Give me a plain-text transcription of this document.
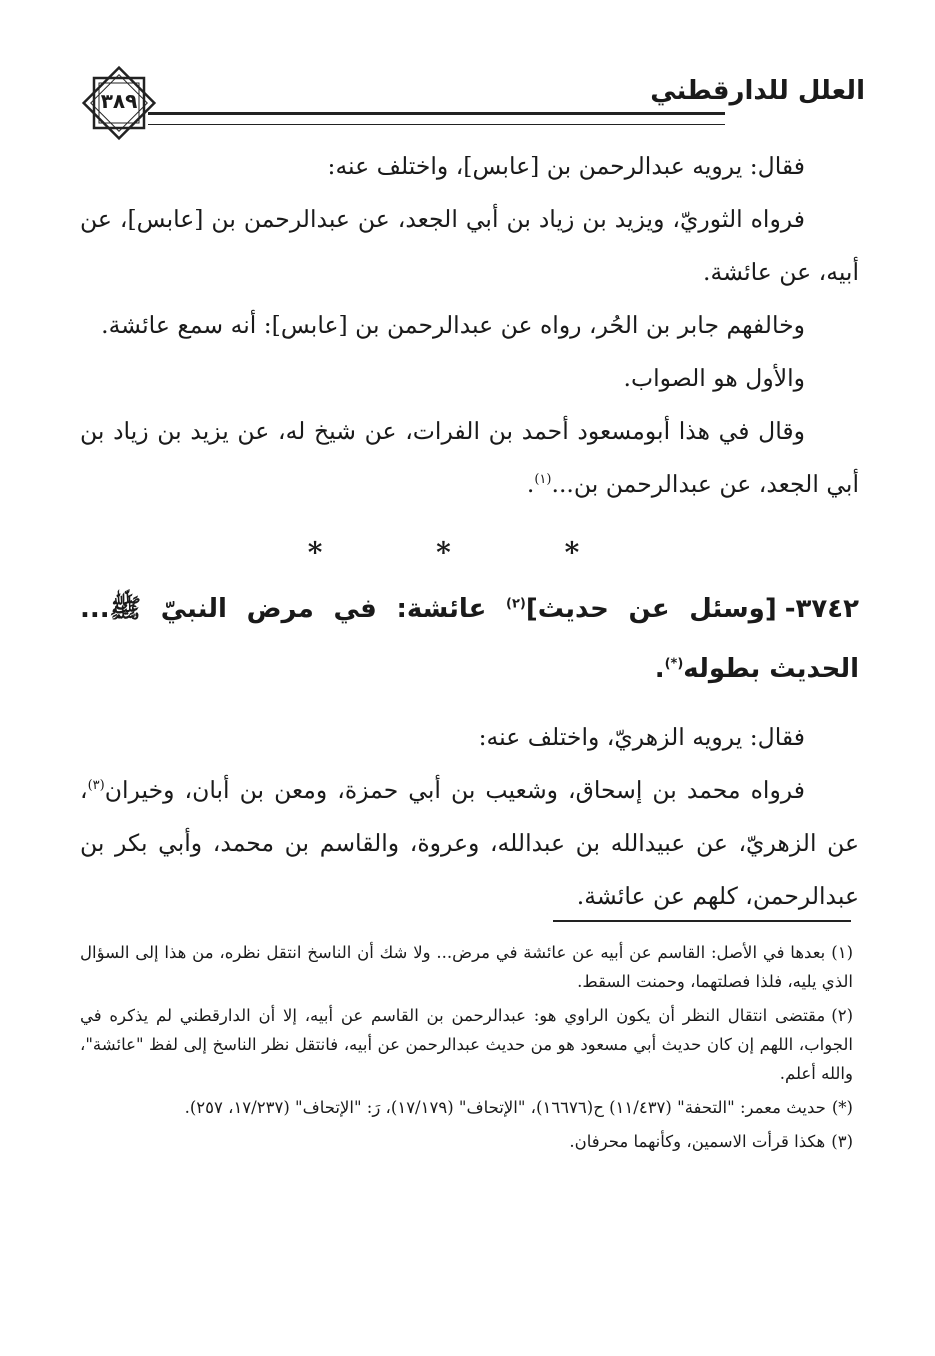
٣٨٩	العلل للدارقطني

فقال: يرويه عبدالرحمن بن [عابس]، واختلف عنه:

فرواه الثوريّ، ويزيد بن زياد بن أبي الجعد، عن عبدالرحمن بن [عابس]، عن أبيه، عن عائشة.

وخالفهم جابر بن الحُر، رواه عن عبدالرحمن بن [عابس]: أنه سمع عائشة.

والأول هو الصواب.

وقال في هذا أبومسعود أحمد بن الفرات، عن شيخ له، عن يزيد بن زياد بن أبي الجعد، عن عبدالرحمن بن...$^{(١)}$.

* * *

٣٧٤٢-[وسئل عن حديث]$^{(٢)}$ عائشة: في مرض النبيّ ﷺ... الحديث بطوله(*).

فقال: يرويه الزهريّ، واختلف عنه:

فرواه محمد بن إسحاق، وشعيب بن أبي حمزة، ومعن بن أبان، وخيران$^{(٣)}$، عن الزهريّ، عن عبيدالله بن عبدالله، وعروة، والقاسم بن محمد، وأبي بكر بن عبدالرحمن، كلهم عن عائشة.

(١)بعدها في الأصل: القاسم عن أبيه عن عائشة في مرض... ولا شك أن الناسخ انتقل نظره، من هذا إلى السؤال الذي يليه، فلذا فصلتهما، وحمنت السقط.

(٢)مقتضى انتقال النظر أن يكون الراوي هو: عبدالرحمن بن القاسم عن أبيه، إلا أن الدارقطني لم يذكره في الجواب، اللهم إن كان حديث أبي مسعود هو من حديث عبدالرحمن عن أبيه، فانتقل نظر الناسخ إلى لفظ "عائشة"، والله أعلم.

(*)حديث معمر: "التحفة" (١١/٤٣٧) ح(١٦٦٧٦)، "الإتحاف" (١٧/١٧٩)، رَ: "الإتحاف" (١٧/٢٣٧، ٢٥٧).

(٣)هكذا قرأت الاسمين، وكأنهما محرفان.
